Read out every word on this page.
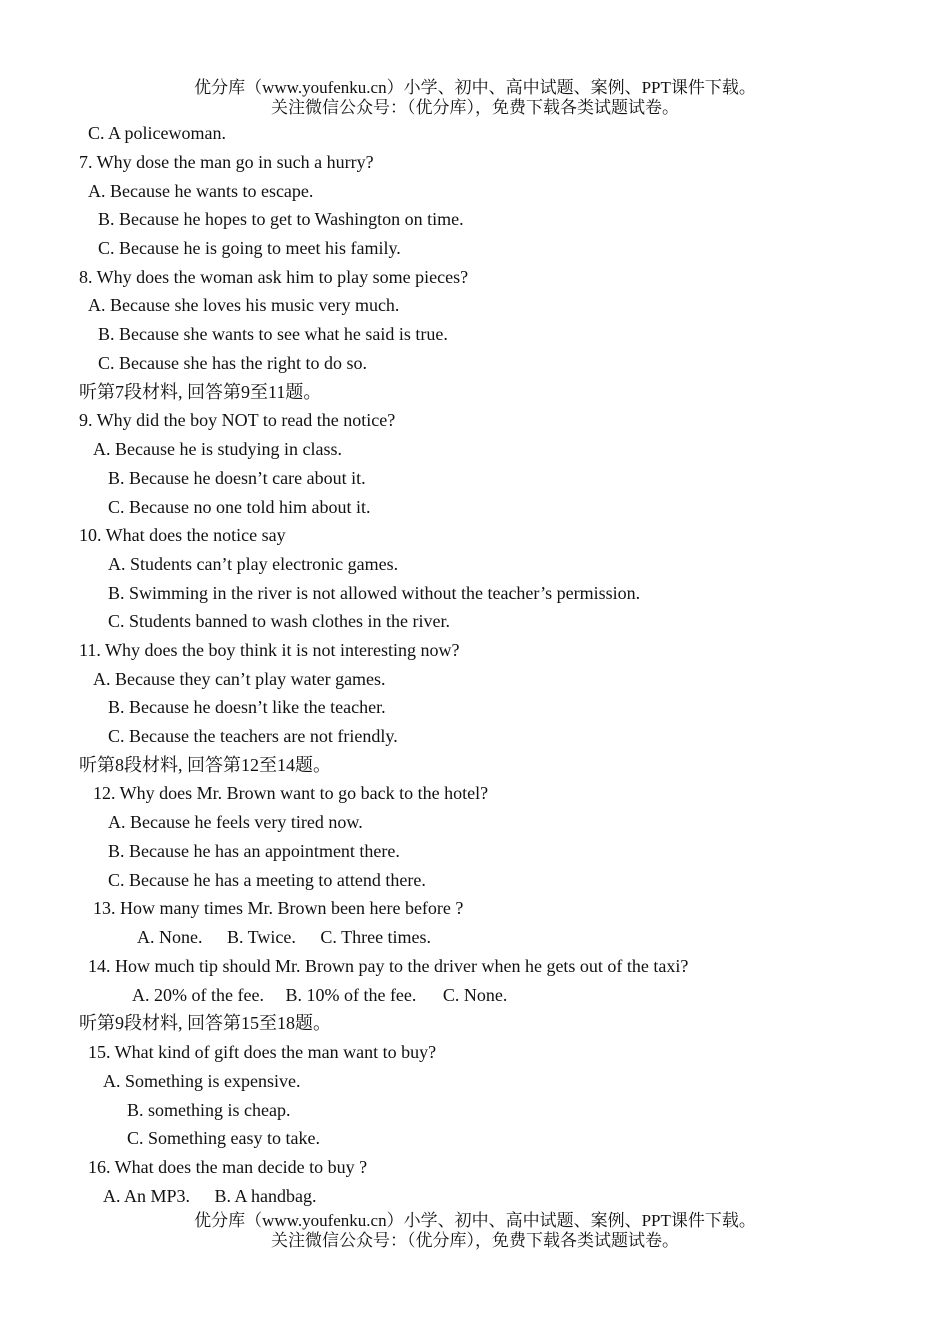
优分库（www.youfenku.cn）小学、初中、高中试题、案例、PPT课件下载。
关注微信公众号：（优分库），免费下载各类试题试卷。
C. A policewoman.
7. Why dose the man go in such a hurry?
A. Because he wants to escape.
B. Because he hopes to get to Washington on time.
C. Because he is going to meet his family.
8. Why does the woman ask him to play some pieces?
A. Because she loves his music very much.
B. Because she wants to see what he said is true.
C. Because she has the right to do so.
听第7段材料, 回答第9至11题。
9. Why did the boy NOT to read the notice?
A. Because he is studying in class.
B. Because he doesn’t care about it.
C. Because no one told him about it.
10. What does the notice say
A. Students can’t play electronic games.
B. Swimming in the river is not allowed without the teacher’s permission.
C. Students banned to wash clothes in the river.
11. Why does the boy think it is not interesting now?
A. Because they can’t play water games.
B. Because he doesn’t like the teacher.
C. Because the teachers are not friendly.
听第8段材料, 回答第12至14题。
12. Why does Mr. Brown want to go back to the hotel?
A. Because he feels very tired now.
B. Because he has an appointment there.
C. Because he has a meeting to attend there.
13. How many times Mr. Brown been here before ?
A. None. B. Twice. C. Three times.
14. How much tip should Mr. Brown pay to the driver when he gets out of the taxi?
A. 20% of the fee. B. 10% of the fee. C. None.
听第9段材料, 回答第15至18题。
15. What kind of gift does the man want to buy?
A. Something is expensive.
B. something is cheap.
C. Something easy to take.
16. What does the man decide to buy ?
A. An MP3. B. A handbag.
优分库（www.youfenku.cn）小学、初中、高中试题、案例、PPT课件下载。
关注微信公众号：（优分库），免费下载各类试题试卷。
